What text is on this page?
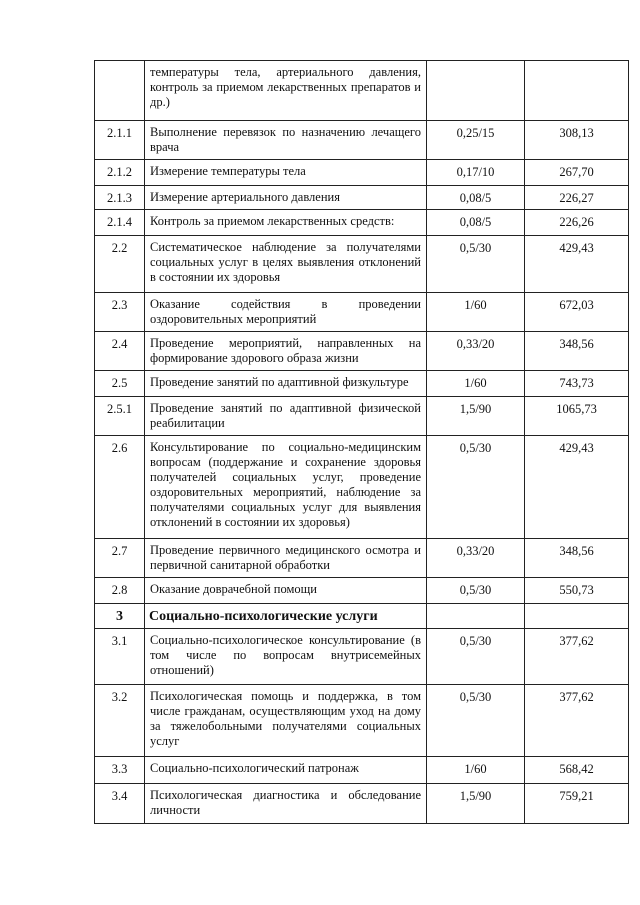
	температуры тела, артериального давления, контроль за приемом лекарственных препаратов и др.)		
2.1.1	Выполнение перевязок по назначению лечащего врача	0,25/15	308,13
2.1.2	Измерение температуры тела	0,17/10	267,70
2.1.3	Измерение артериального давления	0,08/5	226,27
2.1.4	Контроль за приемом лекарственных средств:	0,08/5	226,26
2.2	Систематическое наблюдение за получателями социальных услуг в целях выявления отклонений в состоянии их здоровья	0,5/30	429,43
2.3	Оказание содействия в проведении оздоровительных мероприятий	1/60	672,03
2.4	Проведение мероприятий, направленных на формирование здорового образа жизни	0,33/20	348,56
2.5	Проведение занятий по адаптивной физкультуре	1/60	743,73
2.5.1	Проведение занятий по адаптивной физической реабилитации	1,5/90	1065,73
2.6	Консультирование по социально-медицинским вопросам (поддержание и сохранение здоровья получателей социальных услуг, проведение оздоровительных мероприятий, наблюдение за получателями социальных услуг для выявления отклонений в состоянии их здоровья)	0,5/30	429,43
2.7	Проведение первичного медицинского осмотра и первичной санитарной обработки	0,33/20	348,56
2.8	Оказание доврачебной помощи	0,5/30	550,73
3	Социально-психологические услуги		
3.1	Социально-психологическое консультирование (в том числе по вопросам внутрисемейных отношений)	0,5/30	377,62
3.2	Психологическая помощь и поддержка, в том числе гражданам, осуществляющим уход на дому за тяжелобольными получателями социальных услуг	0,5/30	377,62
3.3	Социально-психологический патронаж	1/60	568,42
3.4	Психологическая диагностика и обследование личности	1,5/90	759,21
